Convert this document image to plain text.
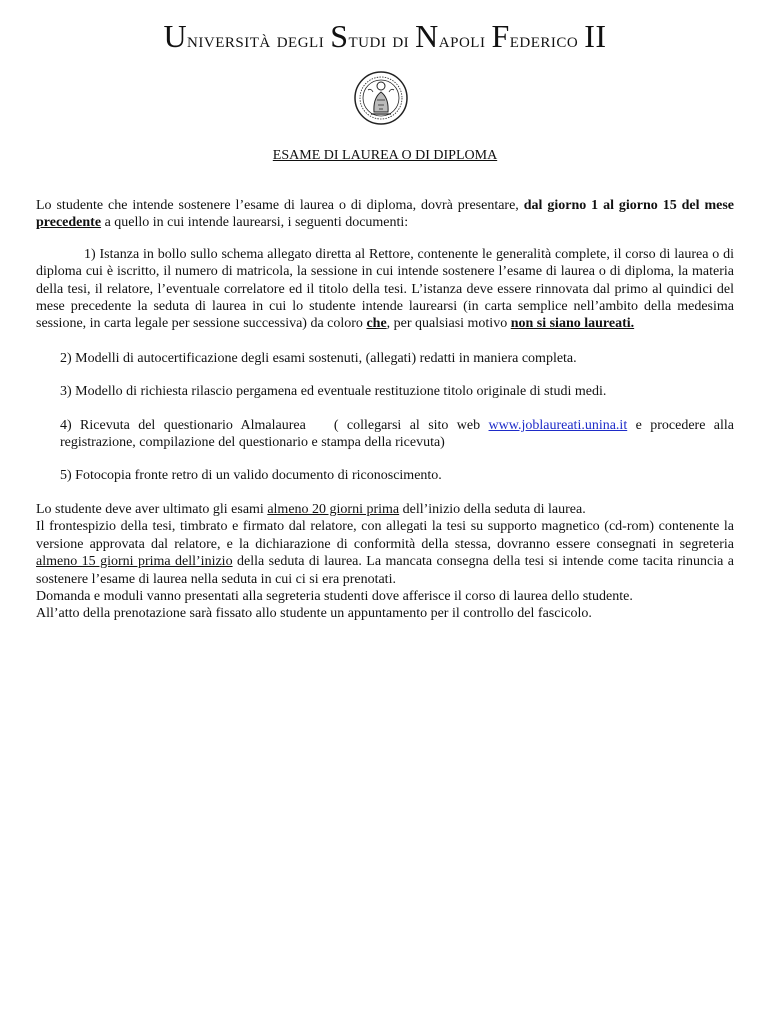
Università degli Studi di Napoli Federico II
ESAME DI LAUREA O DI DIPLOMA

Lo studente che intende sostenere l’esame di laurea o di diploma, dovrà presentare, dal giorno 1 al giorno 15 del mese precedente a quello in cui intende laurearsi, i seguenti documenti:

1) Istanza in bollo sullo schema allegato diretta al Rettore, contenente le generalità complete, il corso di laurea o di diploma cui è iscritto, il numero di matricola, la sessione in cui intende sostenere l’esame di laurea o di diploma, la materia della tesi, il relatore, l’eventuale correlatore ed il titolo della tesi. L’istanza deve essere rinnovata dal primo al quindici del mese precedente la seduta di laurea in cui lo studente intende laurearsi (in carta semplice nell’ambito della medesima sessione, in carta legale per sessione successiva) da coloro che, per qualsiasi motivo non si siano laureati.

2) Modelli di autocertificazione degli esami sostenuti, (allegati) redatti in maniera completa.

3) Modello di richiesta rilascio pergamena ed eventuale restituzione titolo originale di studi medi.

4) Ricevuta del questionario Almalaurea ( collegarsi al sito web www.joblaureati.unina.it e procedere alla registrazione, compilazione del questionario e stampa della ricevuta)

5) Fotocopia fronte retro di un valido documento di riconoscimento.

Lo studente deve aver ultimato gli esami almeno 20 giorni prima dell’inizio della seduta di laurea.

Il frontespizio della tesi, timbrato e firmato dal relatore, con allegati la tesi su supporto magnetico (cd-rom) contenente la versione approvata dal relatore, e la dichiarazione di conformità della stessa, dovranno essere consegnati in segreteria almeno 15 giorni prima dell’inizio della seduta di laurea. La mancata consegna della tesi si intende come tacita rinuncia a sostenere l’esame di laurea nella seduta in cui ci si era prenotati.

Domanda e moduli vanno presentati alla segreteria studenti dove afferisce il corso di laurea dello studente.

All’atto della prenotazione sarà fissato allo studente un appuntamento per il controllo del fascicolo.
